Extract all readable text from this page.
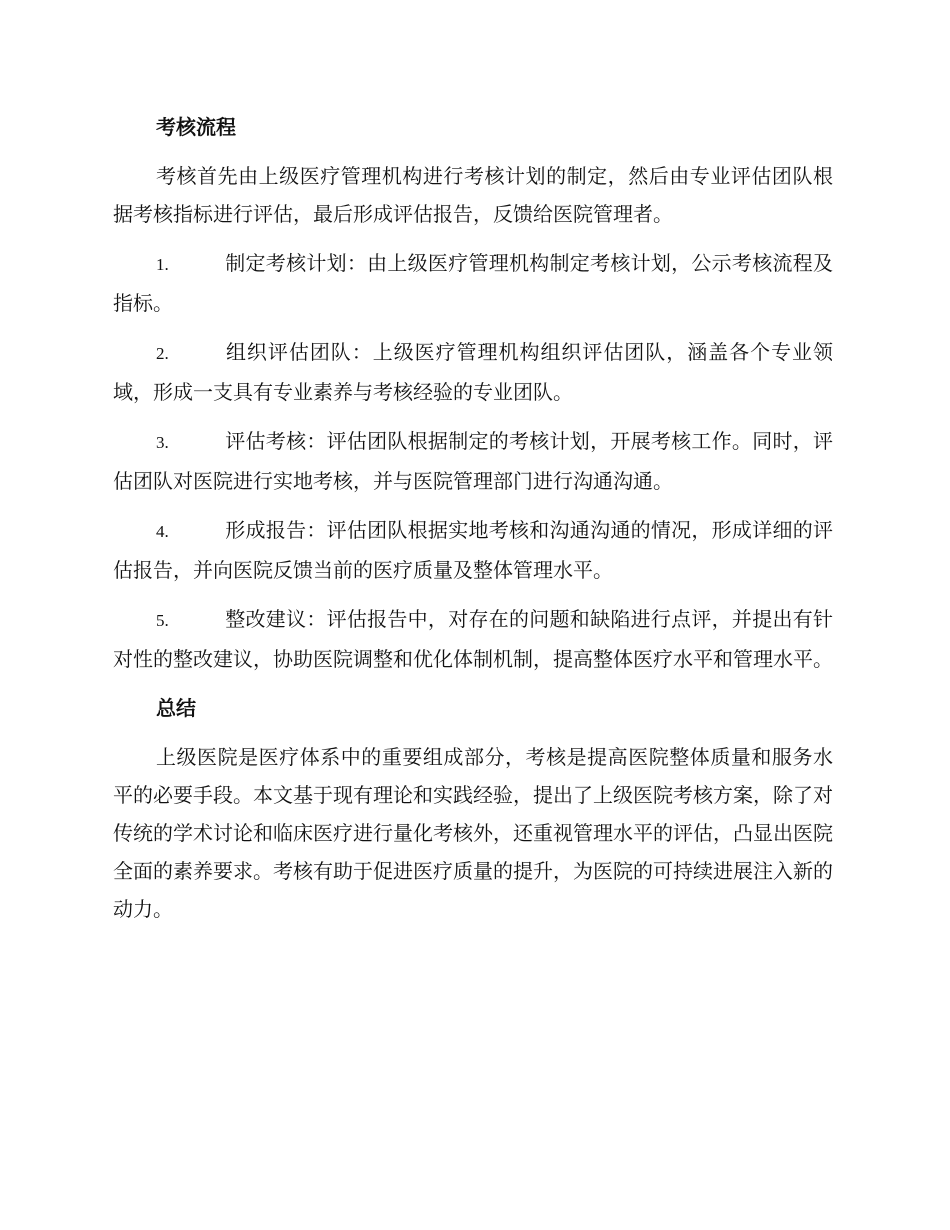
考核流程
考核首先由上级医疗管理机构进行考核计划的制定，然后由专业评估团队根据考核指标进行评估，最后形成评估报告，反馈给医院管理者。
1.	制定考核计划：由上级医疗管理机构制定考核计划，公示考核流程及指标。
2.	组织评估团队：上级医疗管理机构组织评估团队，涵盖各个专业领域，形成一支具有专业素养与考核经验的专业团队。
3.	评估考核：评估团队根据制定的考核计划，开展考核工作。同时，评估团队对医院进行实地考核，并与医院管理部门进行沟通沟通。
4.	形成报告：评估团队根据实地考核和沟通沟通的情况，形成详细的评估报告，并向医院反馈当前的医疗质量及整体管理水平。
5.	整改建议：评估报告中，对存在的问题和缺陷进行点评，并提出有针对性的整改建议，协助医院调整和优化体制机制，提高整体医疗水平和管理水平。
总结
上级医院是医疗体系中的重要组成部分，考核是提高医院整体质量和服务水平的必要手段。本文基于现有理论和实践经验，提出了上级医院考核方案，除了对传统的学术讨论和临床医疗进行量化考核外，还重视管理水平的评估，凸显出医院全面的素养要求。考核有助于促进医疗质量的提升，为医院的可持续进展注入新的动力。
